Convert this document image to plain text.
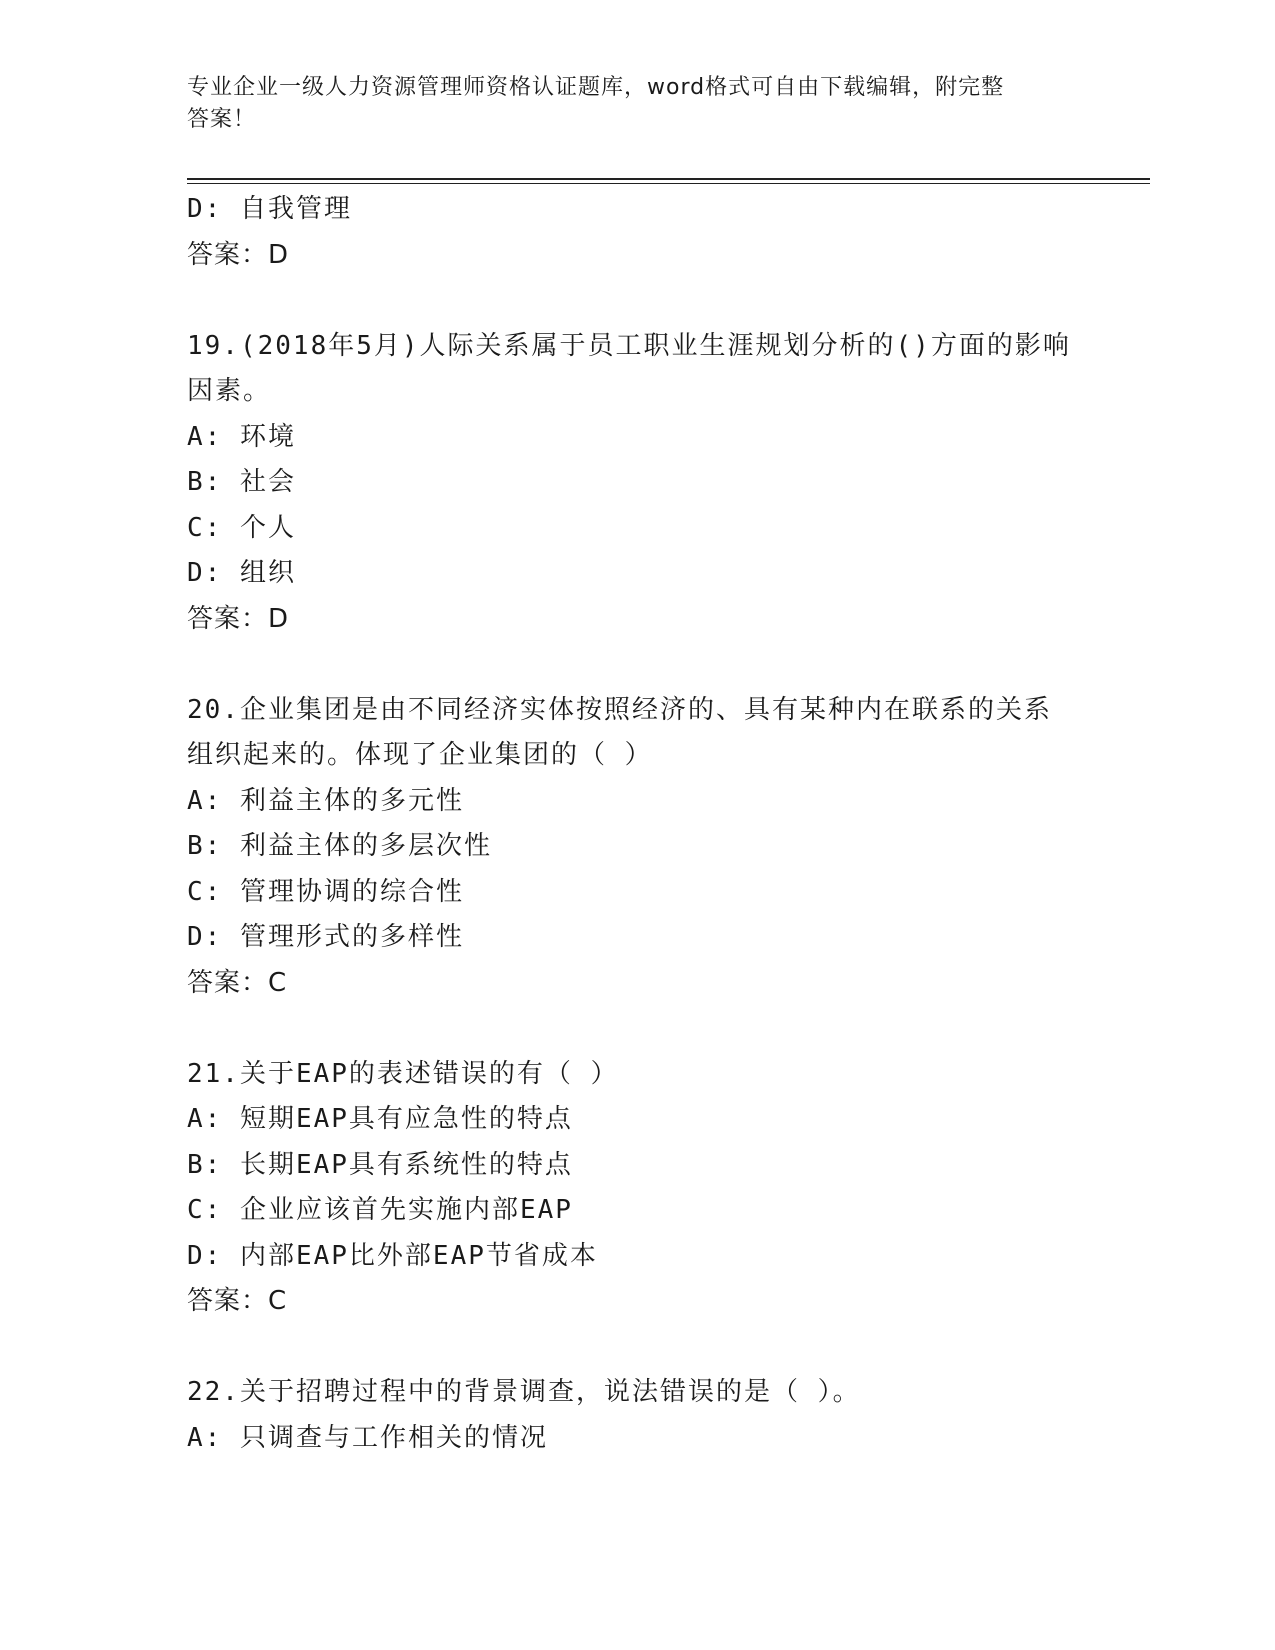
专业企业一级人力资源管理师资格认证题库，word格式可自由下载编辑，附完整
答案！
D: 自我管理
答案：D
19.(2018年5月)人际关系属于员工职业生涯规划分析的()方面的影响
因素。
A: 环境
B: 社会
C: 个人
D: 组织
答案：D
20.企业集团是由不同经济实体按照经济的、具有某种内在联系的关系
组织起来的。体现了企业集团的（ ）
A: 利益主体的多元性
B: 利益主体的多层次性
C: 管理协调的综合性
D: 管理形式的多样性
答案：C
21.关于EAP的表述错误的有（ ）
A: 短期EAP具有应急性的特点
B: 长期EAP具有系统性的特点
C: 企业应该首先实施内部EAP
D: 内部EAP比外部EAP节省成本
答案：C
22.关于招聘过程中的背景调查，说法错误的是（ ）。
A: 只调查与工作相关的情况
